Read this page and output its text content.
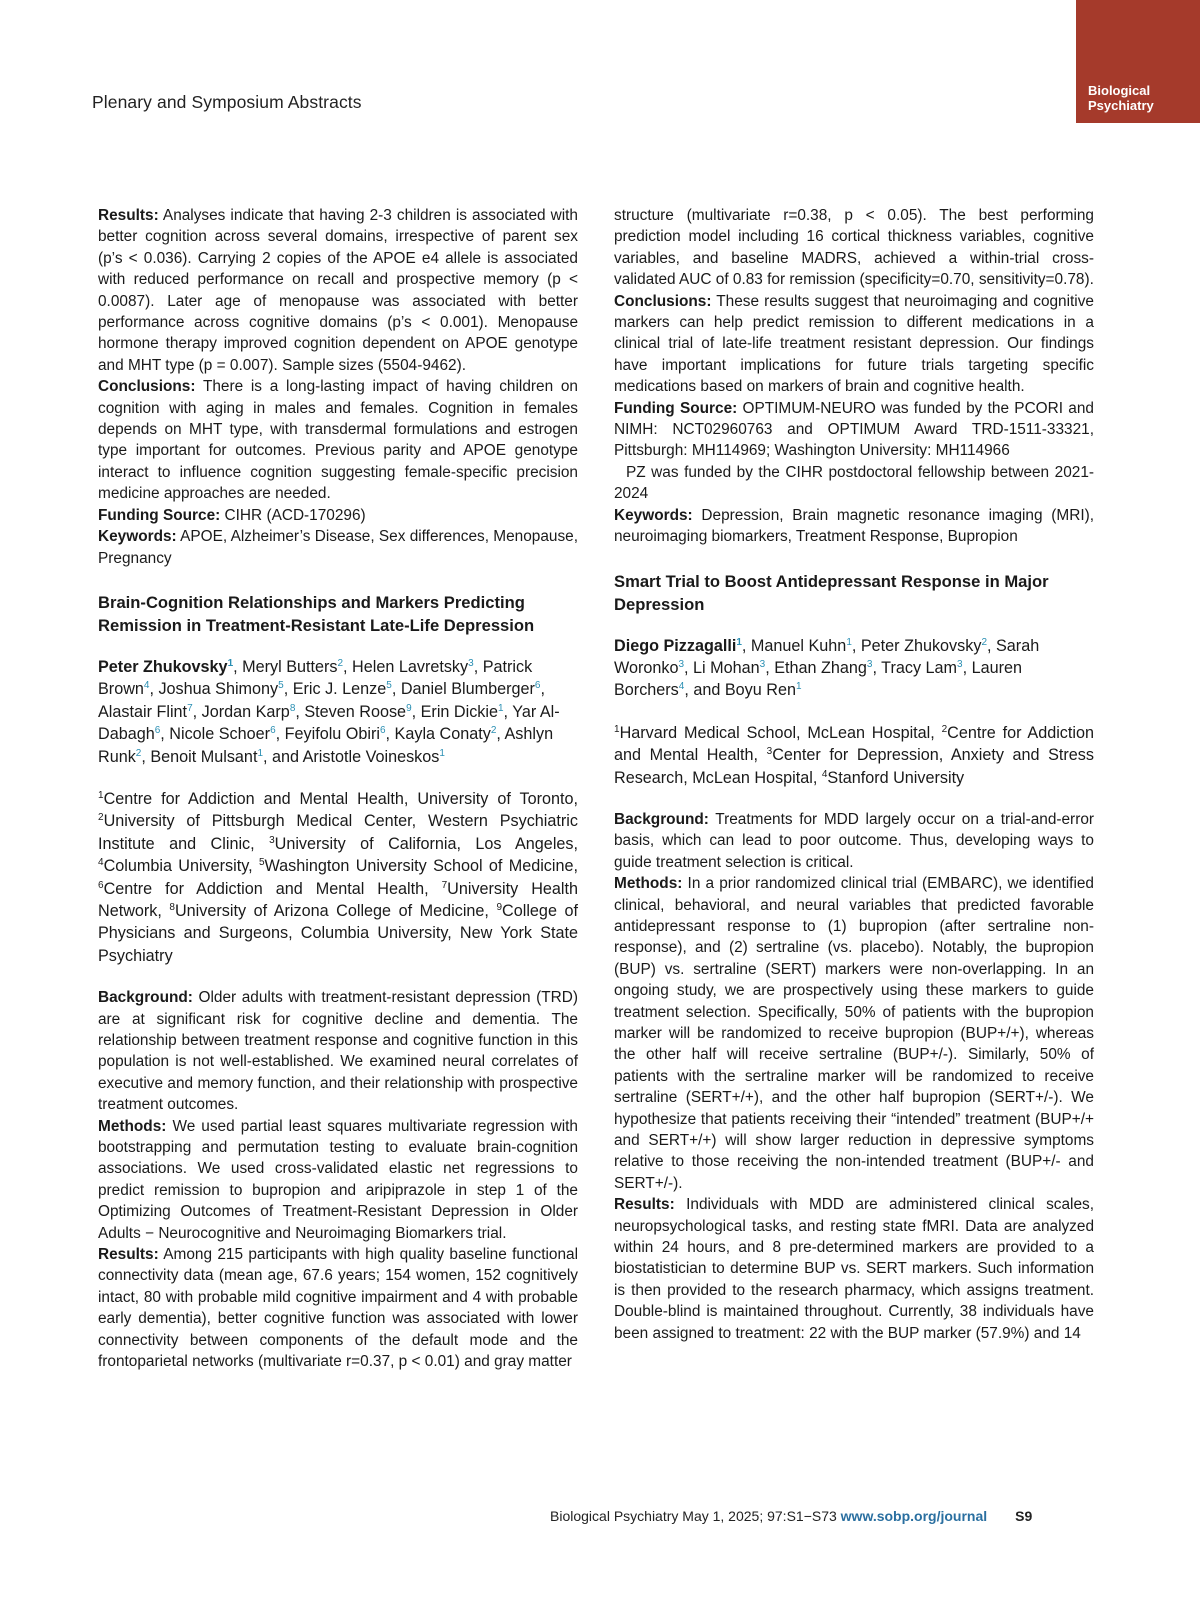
Plenary and Symposium Abstracts
Biological
Psychiatry

Results: Analyses indicate that having 2-3 children is associated with better cognition across several domains, irrespective of parent sex (p’s < 0.036). Carrying 2 copies of the APOE e4 allele is associated with reduced performance on recall and prospective memory (p < 0.0087). Later age of menopause was associated with better performance across cognitive domains (p’s < 0.001). Menopause hormone therapy improved cognition dependent on APOE genotype and MHT type (p = 0.007). Sample sizes (5504-9462).

Conclusions: There is a long-lasting impact of having children on cognition with aging in males and females. Cognition in females depends on MHT type, with transdermal formulations and estrogen type important for outcomes. Previous parity and APOE genotype interact to influence cognition suggesting female-specific precision medicine approaches are needed.

Funding Source: CIHR (ACD-170296)

Keywords: APOE, Alzheimer’s Disease, Sex differences, Menopause, Pregnancy

Brain-Cognition Relationships and Markers Predicting Remission in Treatment-Resistant Late-Life Depression

Peter Zhukovsky$^1$, Meryl Butters$^2$, Helen Lavretsky$^3$, Patrick Brown$^4$, Joshua Shimony$^5$, Eric J. Lenze$^5$, Daniel Blumberger$^6$, Alastair Flint$^7$, Jordan Karp$^8$, Steven Roose$^9$, Erin Dickie$^1$, Yar Al-Dabagh$^6$, Nicole Schoer$^6$, Feyifolu Obiri$^6$, Kayla Conaty$^2$, Ashlyn Runk$^2$, Benoit Mulsant$^1$, and Aristotle Voineskos$^1$

$^1$Centre for Addiction and Mental Health, University of Toronto, $^2$University of Pittsburgh Medical Center, Western Psychiatric Institute and Clinic, $^3$University of California, Los Angeles, $^4$Columbia University, $^5$Washington University School of Medicine, $^6$Centre for Addiction and Mental Health, $^7$University Health Network, $^8$University of Arizona College of Medicine, $^9$College of Physicians and Surgeons, Columbia University, New York State Psychiatry

Background: Older adults with treatment-resistant depression (TRD) are at significant risk for cognitive decline and dementia. The relationship between treatment response and cognitive function in this population is not well-established. We examined neural correlates of executive and memory function, and their relationship with prospective treatment outcomes.

Methods: We used partial least squares multivariate regression with bootstrapping and permutation testing to evaluate brain-cognition associations. We used cross-validated elastic net regressions to predict remission to bupropion and aripiprazole in step 1 of the Optimizing Outcomes of Treatment-Resistant Depression in Older Adults − Neurocognitive and Neuroimaging Biomarkers trial.

Results: Among 215 participants with high quality baseline functional connectivity data (mean age, 67.6 years; 154 women, 152 cognitively intact, 80 with probable mild cognitive impairment and 4 with probable early dementia), better cognitive function was associated with lower connectivity between components of the default mode and the frontoparietal networks (multivariate r=0.37, p < 0.01) and gray matter

structure (multivariate r=0.38, p < 0.05). The best performing prediction model including 16 cortical thickness variables, cognitive variables, and baseline MADRS, achieved a within-trial cross-validated AUC of 0.83 for remission (specificity=0.70, sensitivity=0.78).

Conclusions: These results suggest that neuroimaging and cognitive markers can help predict remission to different medications in a clinical trial of late-life treatment resistant depression. Our findings have important implications for future trials targeting specific medications based on markers of brain and cognitive health.

Funding Source: OPTIMUM-NEURO was funded by the PCORI and NIMH: NCT02960763 and OPTIMUM Award TRD-1511-33321, Pittsburgh: MH114969; Washington University: MH114966

PZ was funded by the CIHR postdoctoral fellowship between 2021-2024

Keywords: Depression, Brain magnetic resonance imaging (MRI), neuroimaging biomarkers, Treatment Response, Bupropion

Smart Trial to Boost Antidepressant Response in Major Depression

Diego Pizzagalli$^1$, Manuel Kuhn$^1$, Peter Zhukovsky$^2$, Sarah Woronko$^3$, Li Mohan$^3$, Ethan Zhang$^3$, Tracy Lam$^3$, Lauren Borchers$^4$, and Boyu Ren$^1$

$^1$Harvard Medical School, McLean Hospital, $^2$Centre for Addiction and Mental Health, $^3$Center for Depression, Anxiety and Stress Research, McLean Hospital, $^4$Stanford University

Background: Treatments for MDD largely occur on a trial-and-error basis, which can lead to poor outcome. Thus, developing ways to guide treatment selection is critical.

Methods: In a prior randomized clinical trial (EMBARC), we identified clinical, behavioral, and neural variables that predicted favorable antidepressant response to (1) bupropion (after sertraline non-response), and (2) sertraline (vs. placebo). Notably, the bupropion (BUP) vs. sertraline (SERT) markers were non-overlapping. In an ongoing study, we are prospectively using these markers to guide treatment selection. Specifically, 50% of patients with the bupropion marker will be randomized to receive bupropion (BUP+/+), whereas the other half will receive sertraline (BUP+/-). Similarly, 50% of patients with the sertraline marker will be randomized to receive sertraline (SERT+/+), and the other half bupropion (SERT+/-). We hypothesize that patients receiving their “intended” treatment (BUP+/+ and SERT+/+) will show larger reduction in depressive symptoms relative to those receiving the non-intended treatment (BUP+/- and SERT+/-).

Results: Individuals with MDD are administered clinical scales, neuropsychological tasks, and resting state fMRI. Data are analyzed within 24 hours, and 8 pre-determined markers are provided to a biostatistician to determine BUP vs. SERT markers. Such information is then provided to the research pharmacy, which assigns treatment. Double-blind is maintained throughout. Currently, 38 individuals have been assigned to treatment: 22 with the BUP marker (57.9%) and 14

Biological Psychiatry May 1, 2025; 97:S1−S73 www.sobp.org/journal S9
